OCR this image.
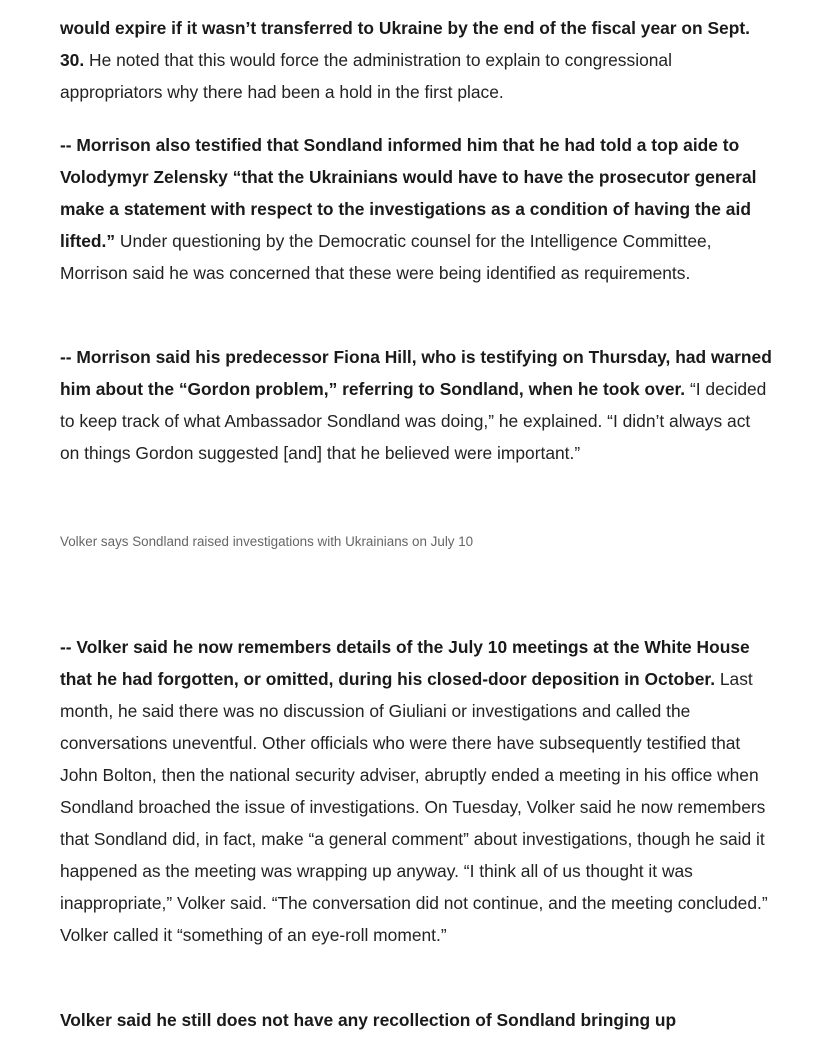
would expire if it wasn’t transferred to Ukraine by the end of the fiscal year on Sept. 30. He noted that this would force the administration to explain to congressional appropriators why there had been a hold in the first place.

-- Morrison also testified that Sondland informed him that he had told a top aide to Volodymyr Zelensky “that the Ukrainians would have to have the prosecutor general make a statement with respect to the investigations as a condition of having the aid lifted.” Under questioning by the Democratic counsel for the Intelligence Committee, Morrison said he was concerned that these were being identified as requirements.

-- Morrison said his predecessor Fiona Hill, who is testifying on Thursday, had warned him about the “Gordon problem,” referring to Sondland, when he took over. “I decided to keep track of what Ambassador Sondland was doing,” he explained. “I didn’t always act on things Gordon suggested [and] that he believed were important.”

Volker says Sondland raised investigations with Ukrainians on July 10

-- Volker said he now remembers details of the July 10 meetings at the White House that he had forgotten, or omitted, during his closed-door deposition in October. Last month, he said there was no discussion of Giuliani or investigations and called the conversations uneventful. Other officials who were there have subsequently testified that John Bolton, then the national security adviser, abruptly ended a meeting in his office when Sondland broached the issue of investigations. On Tuesday, Volker said he now remembers that Sondland did, in fact, make “a general comment” about investigations, though he said it happened as the meeting was wrapping up anyway. “I think all of us thought it was inappropriate,” Volker said. “The conversation did not continue, and the meeting concluded.” Volker called it “something of an eye-roll moment.”

Volker said he still does not have any recollection of Sondland bringing up
